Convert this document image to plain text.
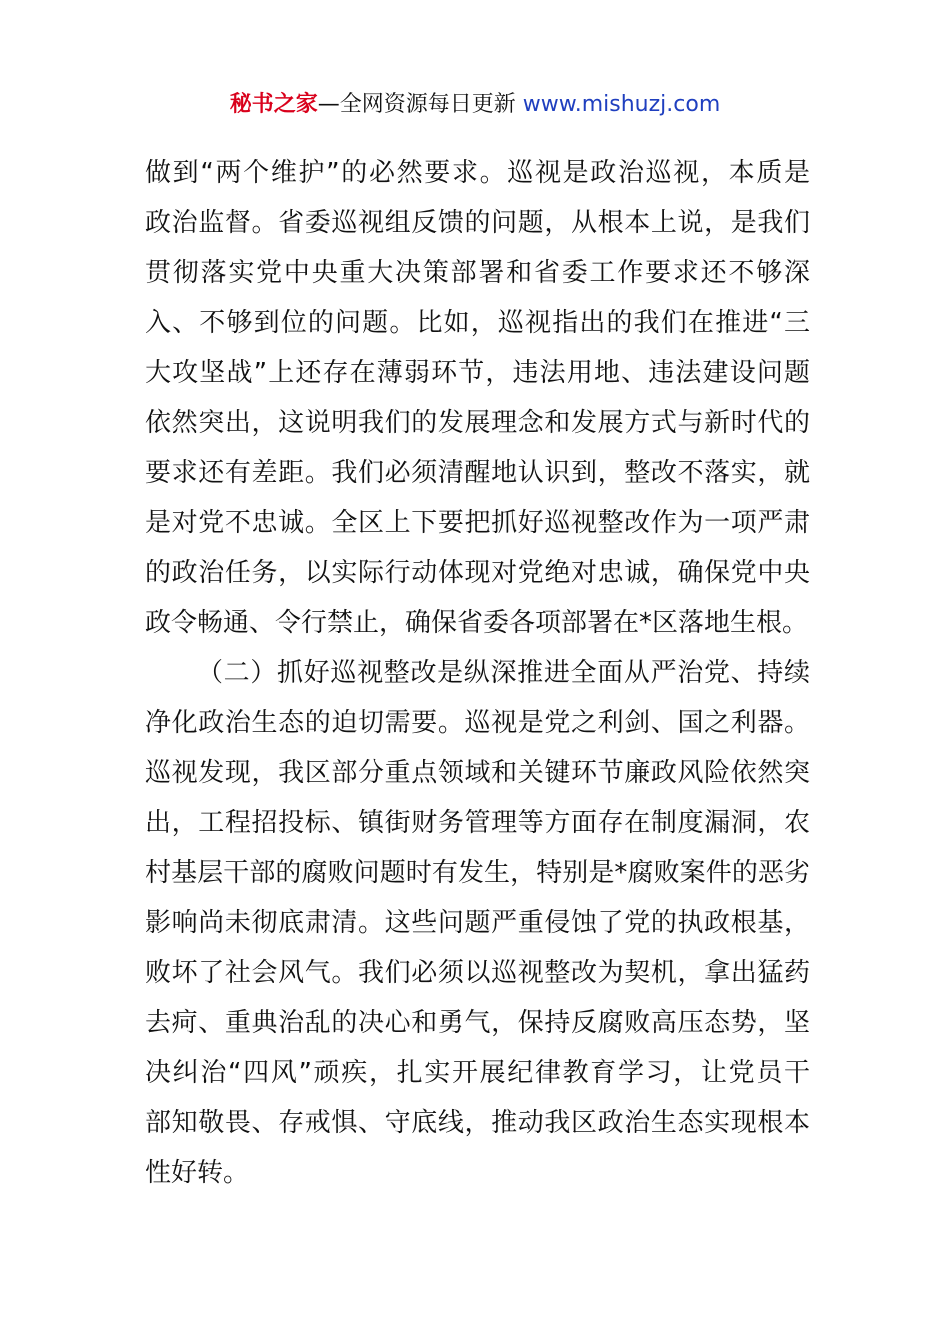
秘书之家—全网资源每日更新 www.mishuzj.com
做到“两个维护”的必然要求。巡视是政治巡视，本质是
政治监督。省委巡视组反馈的问题，从根本上说，是我们
贯彻落实党中央重大决策部署和省委工作要求还不够深
入、不够到位的问题。比如，巡视指出的我们在推进“三
大攻坚战”上还存在薄弱环节，违法用地、违法建设问题
依然突出，这说明我们的发展理念和发展方式与新时代的
要求还有差距。我们必须清醒地认识到，整改不落实，就
是对党不忠诚。全区上下要把抓好巡视整改作为一项严肃
的政治任务，以实际行动体现对党绝对忠诚，确保党中央
政令畅通、令行禁止，确保省委各项部署在*区落地生根。
（二）抓好巡视整改是纵深推进全面从严治党、持续
净化政治生态的迫切需要。巡视是党之利剑、国之利器。
巡视发现，我区部分重点领域和关键环节廉政风险依然突
出，工程招投标、镇街财务管理等方面存在制度漏洞，农
村基层干部的腐败问题时有发生，特别是*腐败案件的恶劣
影响尚未彻底肃清。这些问题严重侵蚀了党的执政根基，
败坏了社会风气。我们必须以巡视整改为契机，拿出猛药
去疴、重典治乱的决心和勇气，保持反腐败高压态势，坚
决纠治“四风”顽疾，扎实开展纪律教育学习，让党员干
部知敬畏、存戒惧、守底线，推动我区政治生态实现根本
性好转。
